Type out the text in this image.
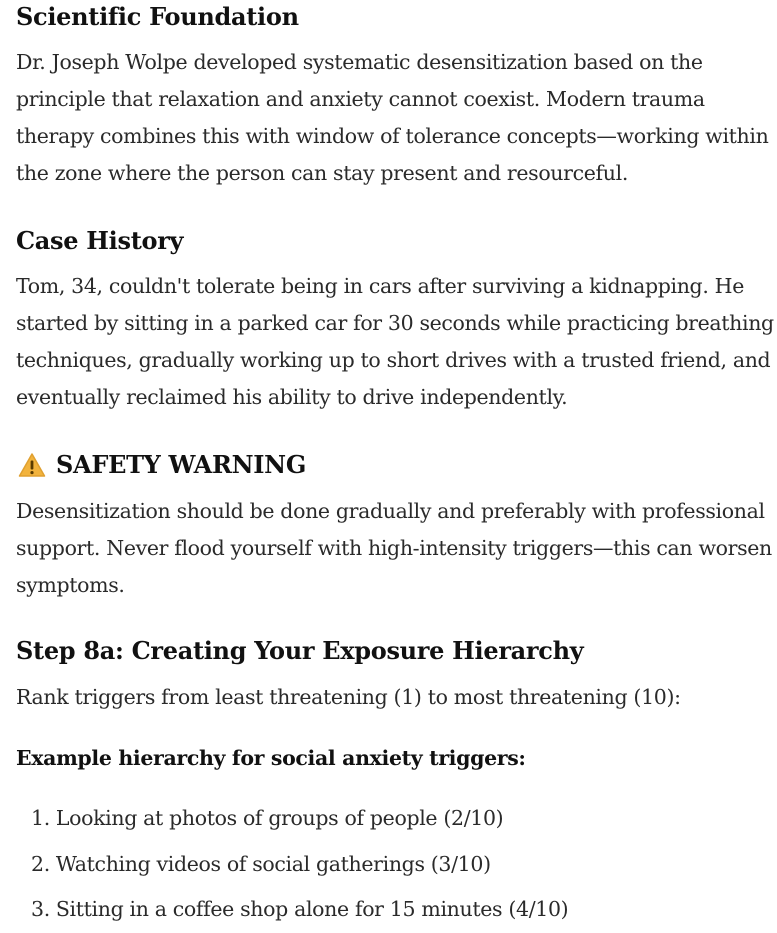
Scientific Foundation

Dr. Joseph Wolpe developed systematic desensitization based on the principle that relaxation and anxiety cannot coexist. Modern trauma therapy combines this with window of tolerance concepts—working within the zone where the person can stay present and resourceful.

Case History

Tom, 34, couldn't tolerate being in cars after surviving a kidnapping. He started by sitting in a parked car for 30 seconds while practicing breathing techniques, gradually working up to short drives with a trusted friend, and eventually reclaimed his ability to drive independently.

SAFETY WARNING

Desensitization should be done gradually and preferably with professional support. Never flood yourself with high-intensity triggers—this can worsen symptoms.

Step 8a: Creating Your Exposure Hierarchy

Rank triggers from least threatening (1) to most threatening (10):

Example hierarchy for social anxiety triggers:
1. Looking at photos of groups of people (2/10)
2. Watching videos of social gatherings (3/10)
3. Sitting in a coffee shop alone for 15 minutes (4/10)
